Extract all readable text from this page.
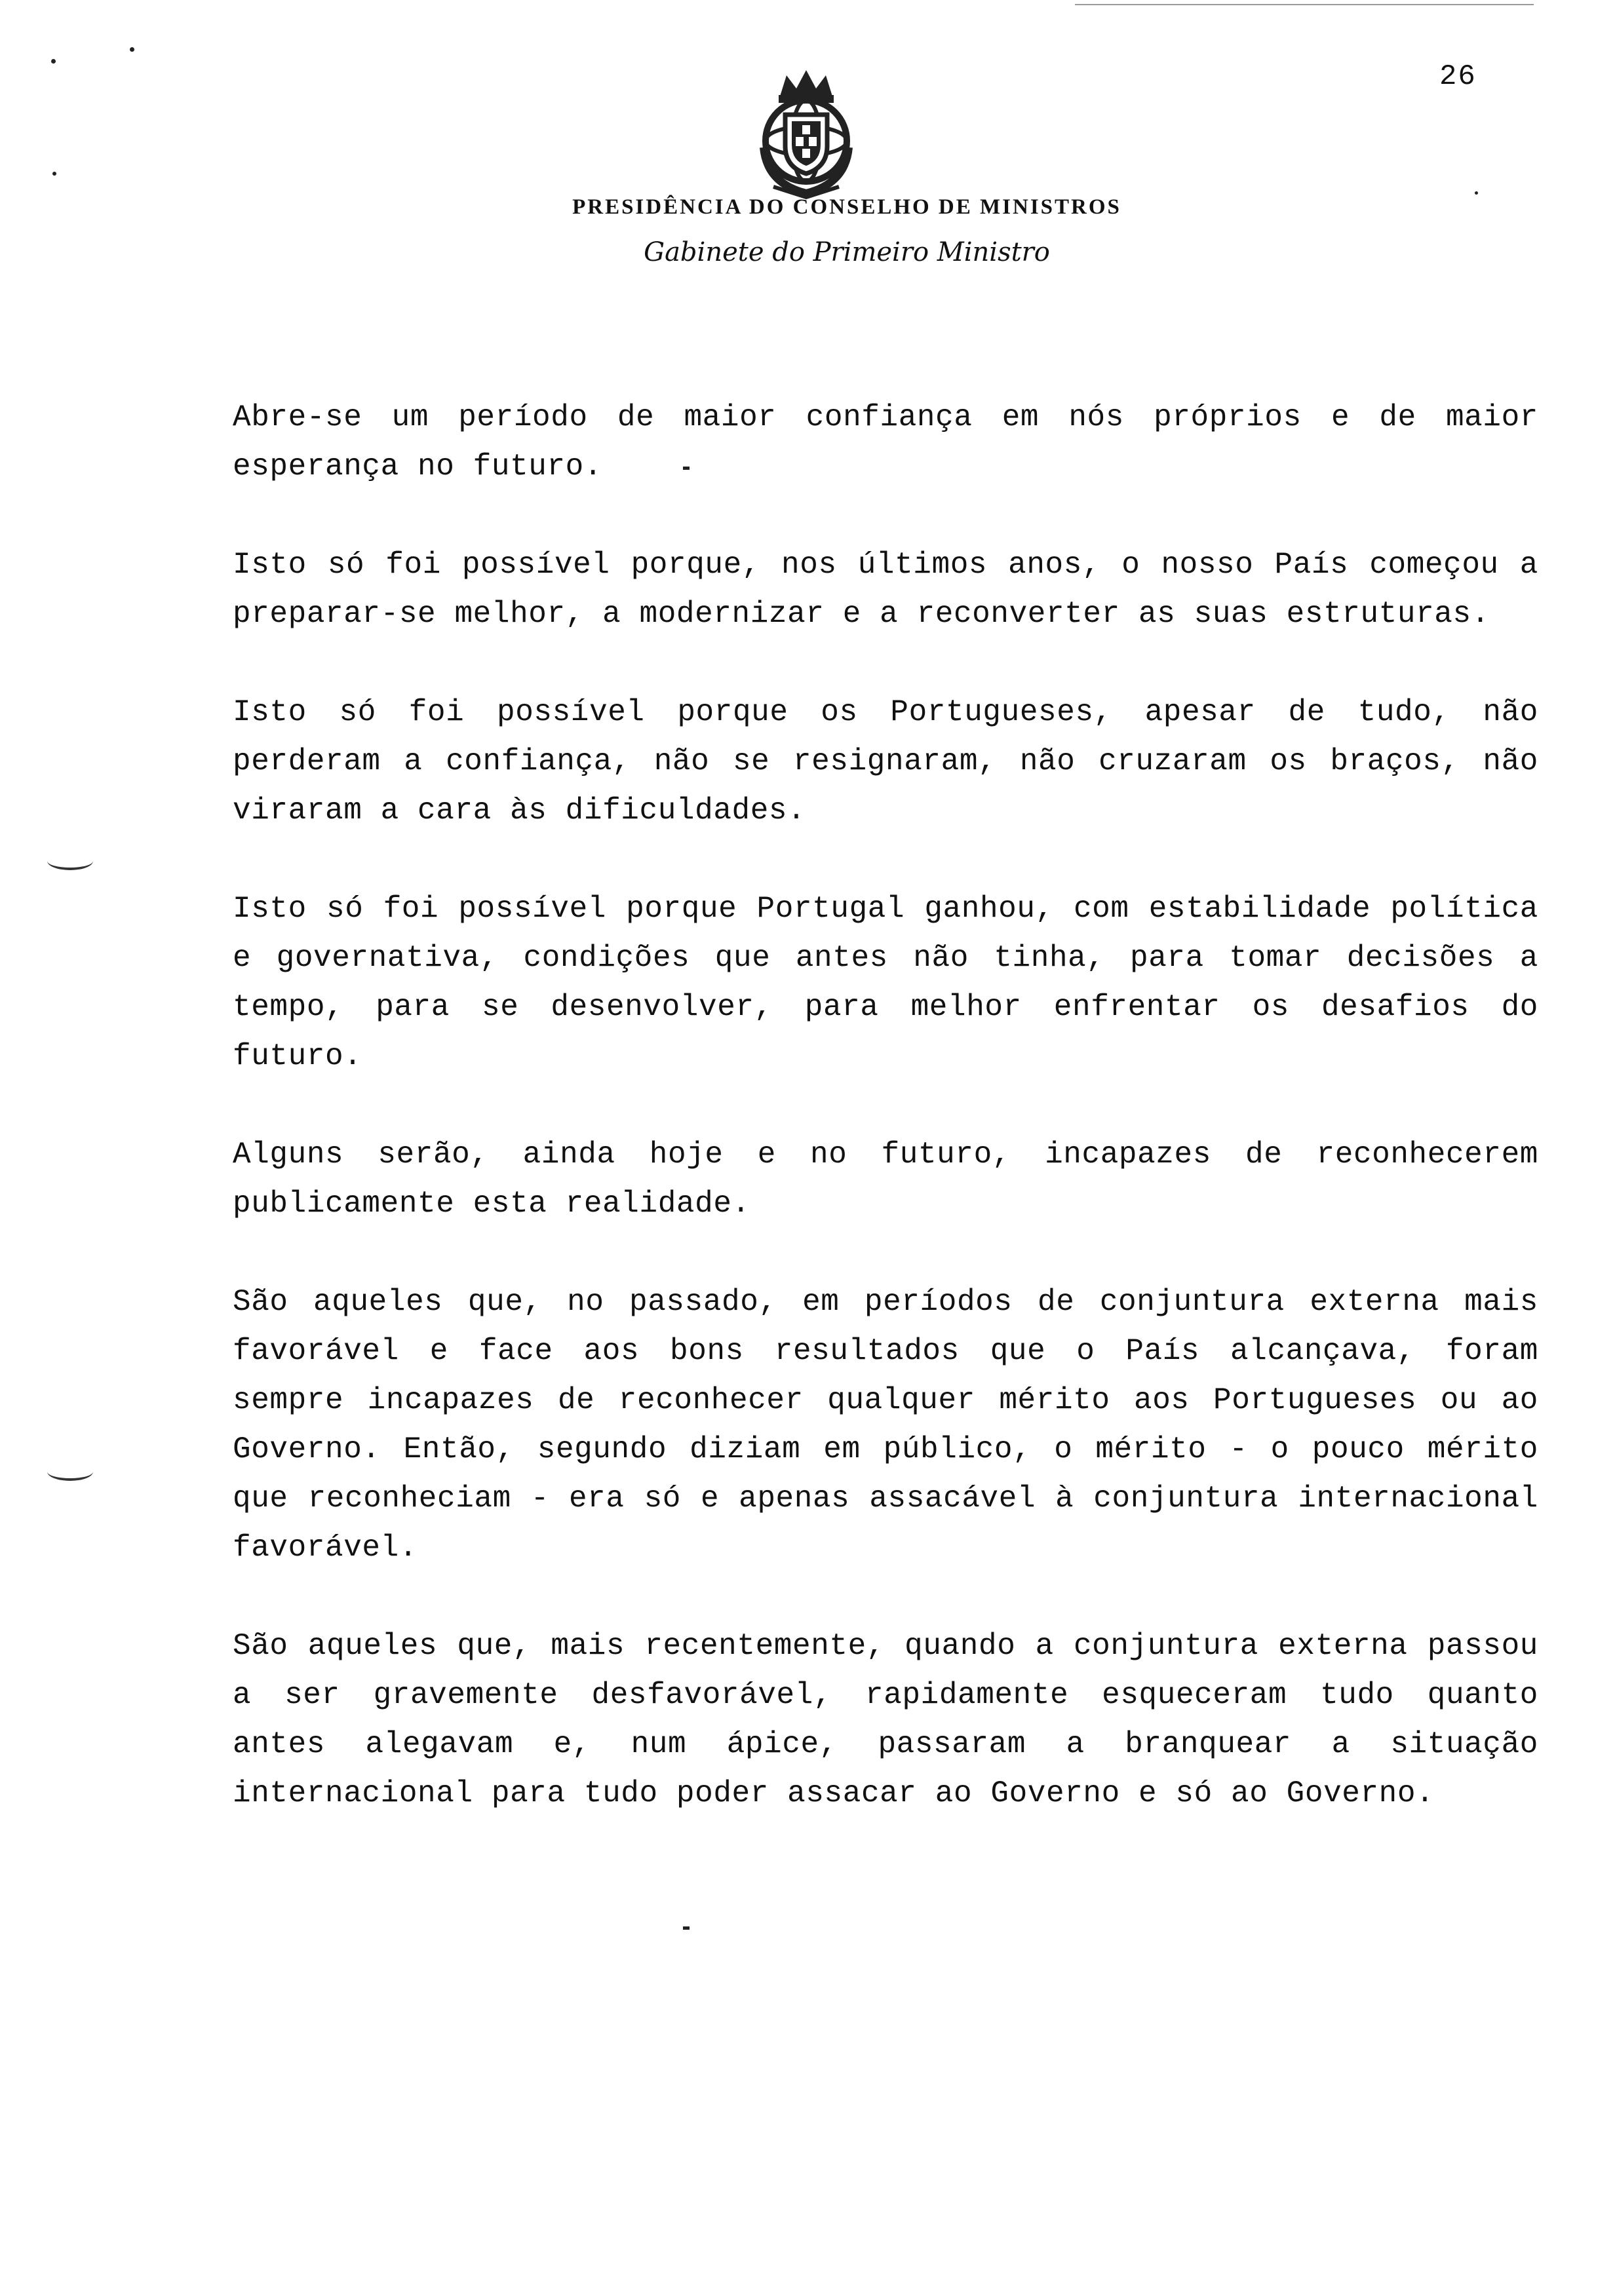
26
PRESIDÊNCIA DO CONSELHO DE MINISTROS
Gabinete do Primeiro Ministro

Abre-se um período de maior confiança em nós próprios e de maior esperança no futuro.

Isto só foi possível porque, nos últimos anos, o nosso País começou a preparar-se melhor, a modernizar e a reconverter as suas estruturas.

Isto só foi possível porque os Portugueses, apesar de tudo, não perderam a confiança, não se resignaram, não cruzaram os braços, não viraram a cara às dificuldades.

Isto só foi possível porque Portugal ganhou, com estabilidade política e governativa, condições que antes não tinha, para tomar decisões a tempo, para se desenvolver, para melhor enfrentar os desafios do futuro.

Alguns serão, ainda hoje e no futuro, incapazes de reconhecerem publicamente esta realidade.

São aqueles que, no passado, em períodos de conjuntura externa mais favorável e face aos bons resultados que o País alcançava, foram sempre incapazes de reconhecer qualquer mérito aos Portugueses ou ao Governo. Então, segundo diziam em público, o mérito - o pouco mérito que reconheciam - era só e apenas assacável à conjuntura internacional favorável.

São aqueles que, mais recentemente, quando a conjuntura externa passou a ser gravemente desfavorável, rapidamente esqueceram tudo quanto antes alegavam e, num ápice, passaram a branquear a situação internacional para tudo poder assacar ao Governo e só ao Governo.
